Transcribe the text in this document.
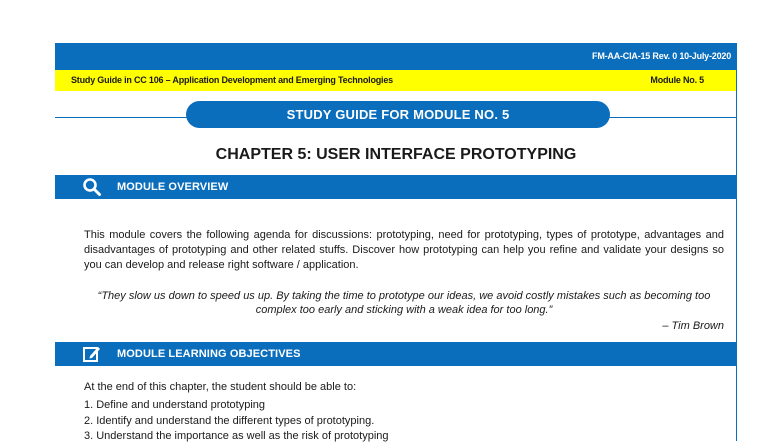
FM-AA-CIA-15 Rev. 0 10-July-2020
Study Guide in CC 106 – Application Development and Emerging Technologies	Module No. 5
STUDY GUIDE FOR MODULE NO. 5
CHAPTER 5: USER INTERFACE PROTOTYPING
MODULE OVERVIEW
This module covers the following agenda for discussions: prototyping, need for prototyping, types of prototype, advantages and disadvantages of prototyping and other related stuffs. Discover how prototyping can help you refine and validate your designs so you can develop and release right software / application.
“They slow us down to speed us up. By taking the time to prototype our ideas, we avoid costly mistakes such as becoming too complex too early and sticking with a weak idea for too long.”
– Tim Brown
MODULE LEARNING OBJECTIVES
At the end of this chapter, the student should be able to:
1. Define and understand prototyping
2. Identify and understand the different types of prototyping.
3. Understand the importance as well as the risk of prototyping
